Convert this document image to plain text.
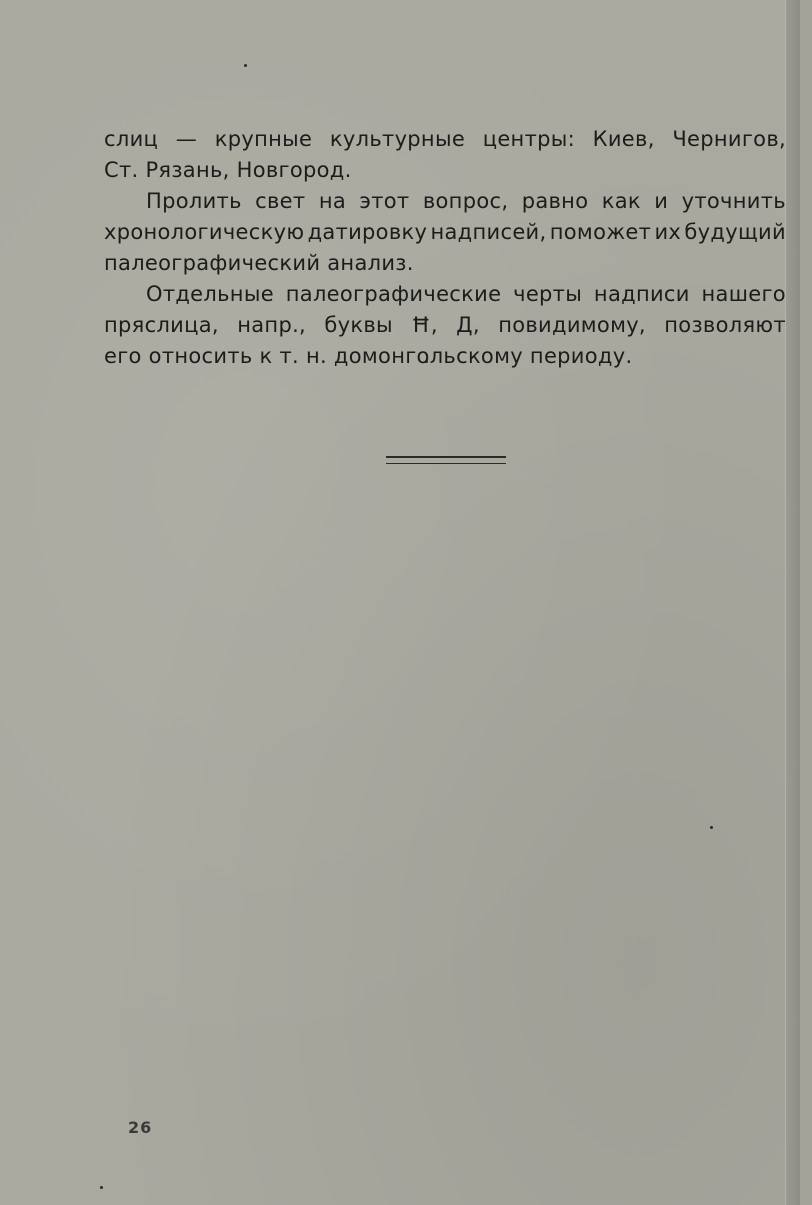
слиц — крупные культурные центры: Киев, Чернигов,
Ст. Рязань, Новгород.
Пролить свет на этот вопрос, равно как и уточнить
хронологическую датировку надписей, поможет их будущий
палеографический анализ.
Отдельные палеографические черты надписи нашего
пряслица, напр., буквы Ħ, Д, повидимому, позволяют
его относить к т. н. домонгольскому периоду.
26
